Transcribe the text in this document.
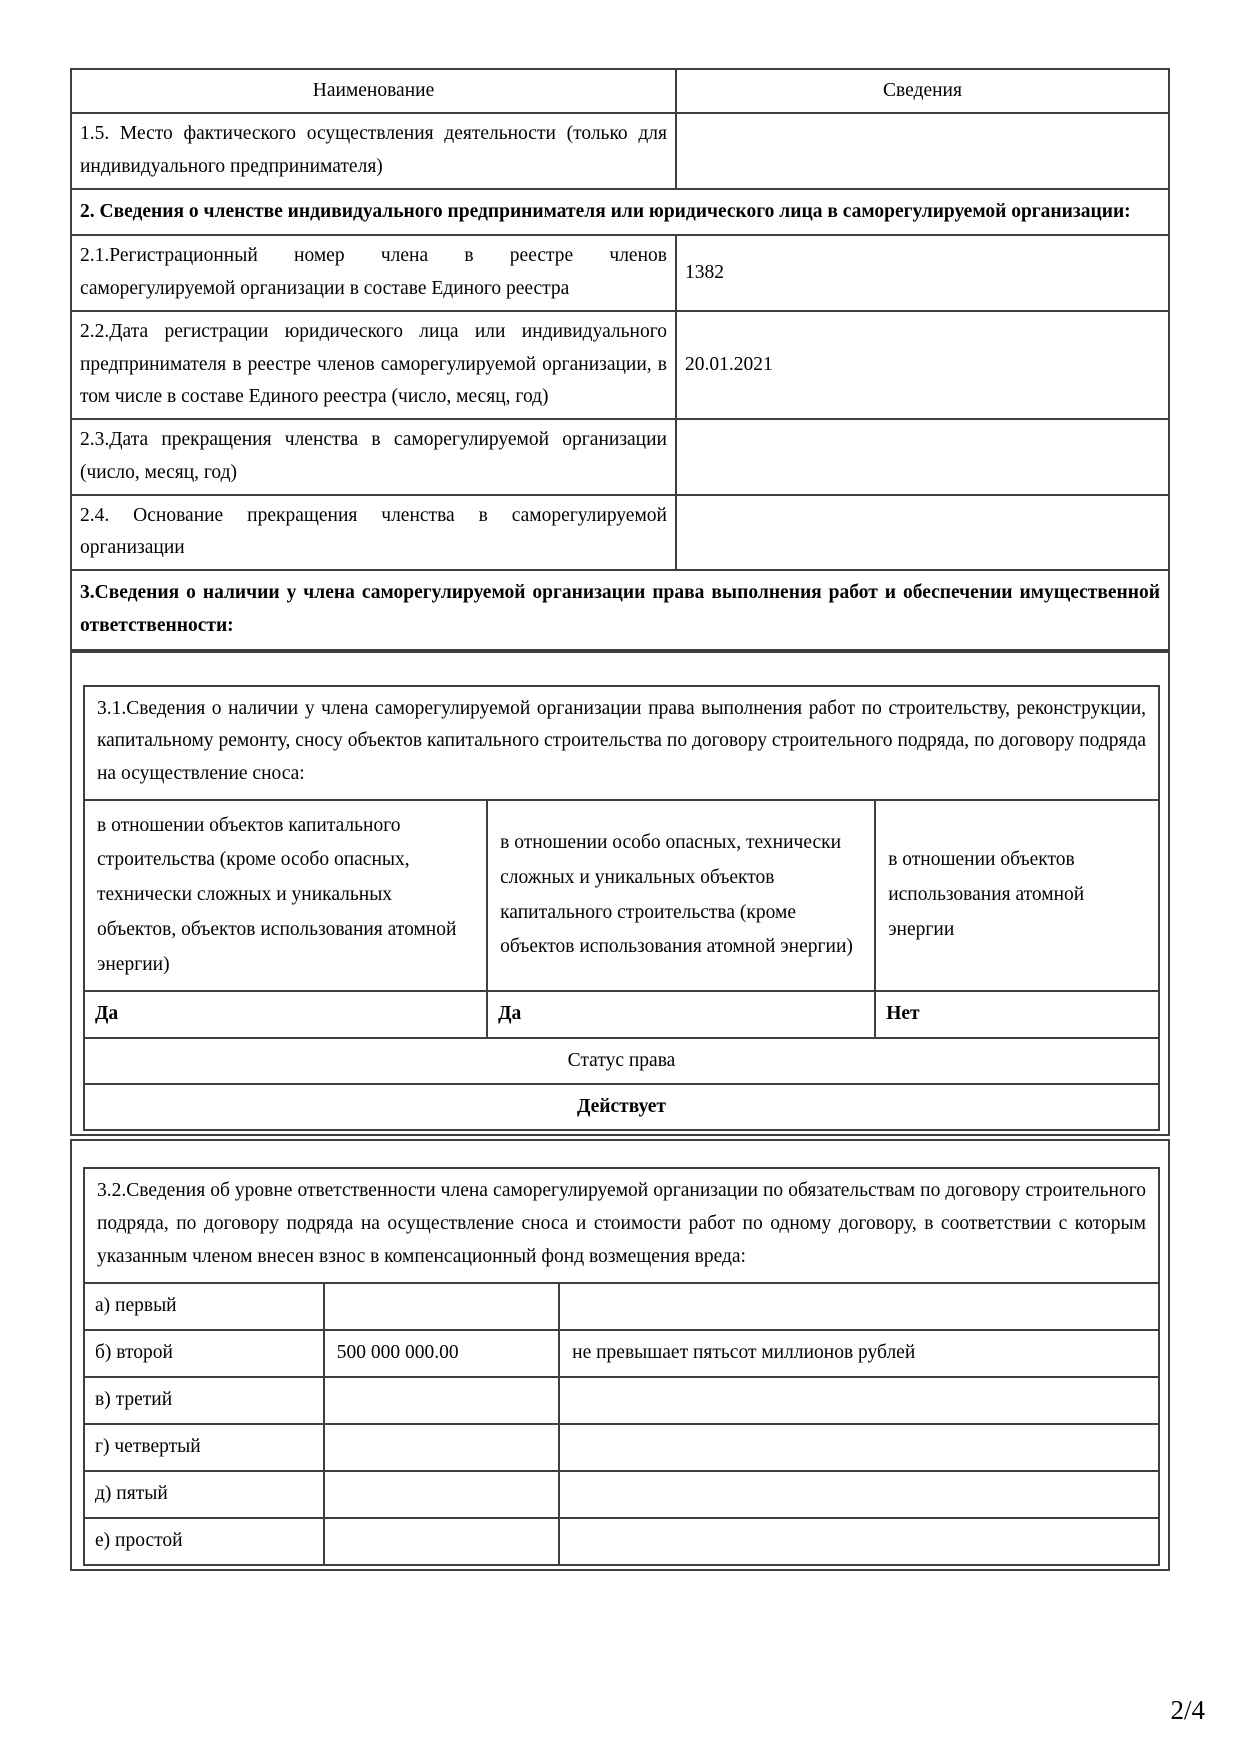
Наименование	Сведения
1.5. Место фактического осуществления деятельности (только для индивидуального предпринимателя)	
2. Сведения о членстве индивидуального предпринимателя или юридического лица в саморегулируемой организации:	
2.1.Регистрационный номер члена в реестре членов саморегулируемой организации в составе Единого реестра	1382
2.2.Дата регистрации юридического лица или индивидуального предпринимателя в реестре членов саморегулируемой организации, в том числе в составе Единого реестра (число, месяц, год)	20.01.2021
2.3.Дата прекращения членства в саморегулируемой организации (число, месяц, год)	
2.4. Основание прекращения членства в саморегулируемой организации	
3.Сведения о наличии у члена саморегулируемой организации права выполнения работ и обеспечении имущественной ответственности:	
3.1.Сведения о наличии у члена саморегулируемой организации права выполнения работ по строительству, реконструкции, капитальному ремонту, сносу объектов капитального строительства по договору строительного подряда, по договору подряда на осуществление сноса:		
в отношении объектов капитального строительства (кроме особо опасных, технически сложных и уникальных объектов, объектов использования атомной энергии)	в отношении особо опасных, технически сложных и уникальных объектов капитального строительства (кроме объектов использования атомной энергии)	в отношении объектов использования атомной энергии
Да	Да	Нет
Статус права		
Действует		
3.2.Сведения об уровне ответственности члена саморегулируемой организации по обязательствам по договору строительного подряда, по договору подряда на осуществление сноса и стоимости работ по одному договору, в соответствии с которым указанным членом внесен взнос в компенсационный фонд возмещения вреда:		
а) первый		
б) второй	500 000 000.00	не превышает пятьсот миллионов рублей
в) третий		
г) четвертый		
д) пятый		
е) простой		
2/4
